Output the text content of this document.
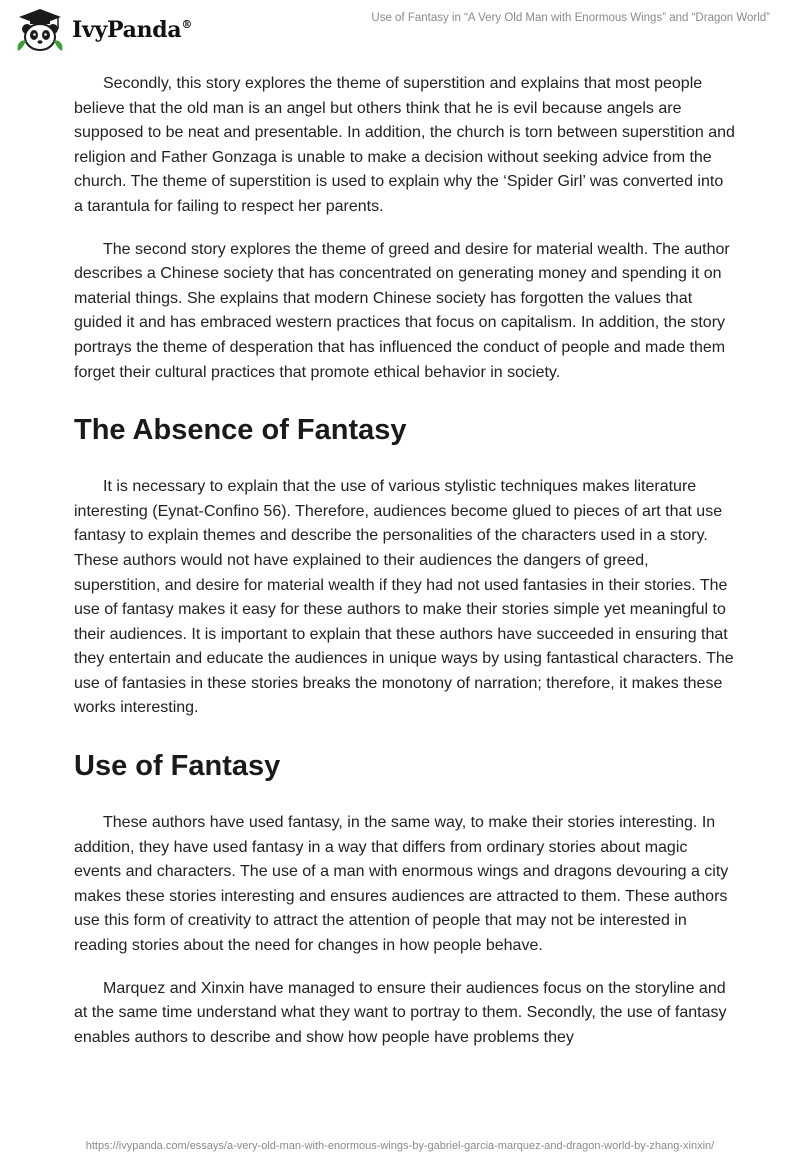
IvyPanda®	Use of Fantasy in “A Very Old Man with Enormous Wings” and “Dragon World”

Secondly, this story explores the theme of superstition and explains that most people believe that the old man is an angel but others think that he is evil because angels are supposed to be neat and presentable. In addition, the church is torn between superstition and religion and Father Gonzaga is unable to make a decision without seeking advice from the church. The theme of superstition is used to explain why the ‘Spider Girl’ was converted into a tarantula for failing to respect her parents.

The second story explores the theme of greed and desire for material wealth. The author describes a Chinese society that has concentrated on generating money and spending it on material things. She explains that modern Chinese society has forgotten the values that guided it and has embraced western practices that focus on capitalism. In addition, the story portrays the theme of desperation that has influenced the conduct of people and made them forget their cultural practices that promote ethical behavior in society.

The Absence of Fantasy

It is necessary to explain that the use of various stylistic techniques makes literature interesting (Eynat-Confino 56). Therefore, audiences become glued to pieces of art that use fantasy to explain themes and describe the personalities of the characters used in a story. These authors would not have explained to their audiences the dangers of greed, superstition, and desire for material wealth if they had not used fantasies in their stories. The use of fantasy makes it easy for these authors to make their stories simple yet meaningful to their audiences. It is important to explain that these authors have succeeded in ensuring that they entertain and educate the audiences in unique ways by using fantastical characters. The use of fantasies in these stories breaks the monotony of narration; therefore, it makes these works interesting.

Use of Fantasy

These authors have used fantasy, in the same way, to make their stories interesting. In addition, they have used fantasy in a way that differs from ordinary stories about magic events and characters. The use of a man with enormous wings and dragons devouring a city makes these stories interesting and ensures audiences are attracted to them. These authors use this form of creativity to attract the attention of people that may not be interested in reading stories about the need for changes in how people behave.

Marquez and Xinxin have managed to ensure their audiences focus on the storyline and at the same time understand what they want to portray to them. Secondly, the use of fantasy enables authors to describe and show how people have problems they

https://ivypanda.com/essays/a-very-old-man-with-enormous-wings-by-gabriel-garcia-marquez-and-dragon-world-by-zhang-xinxin/
